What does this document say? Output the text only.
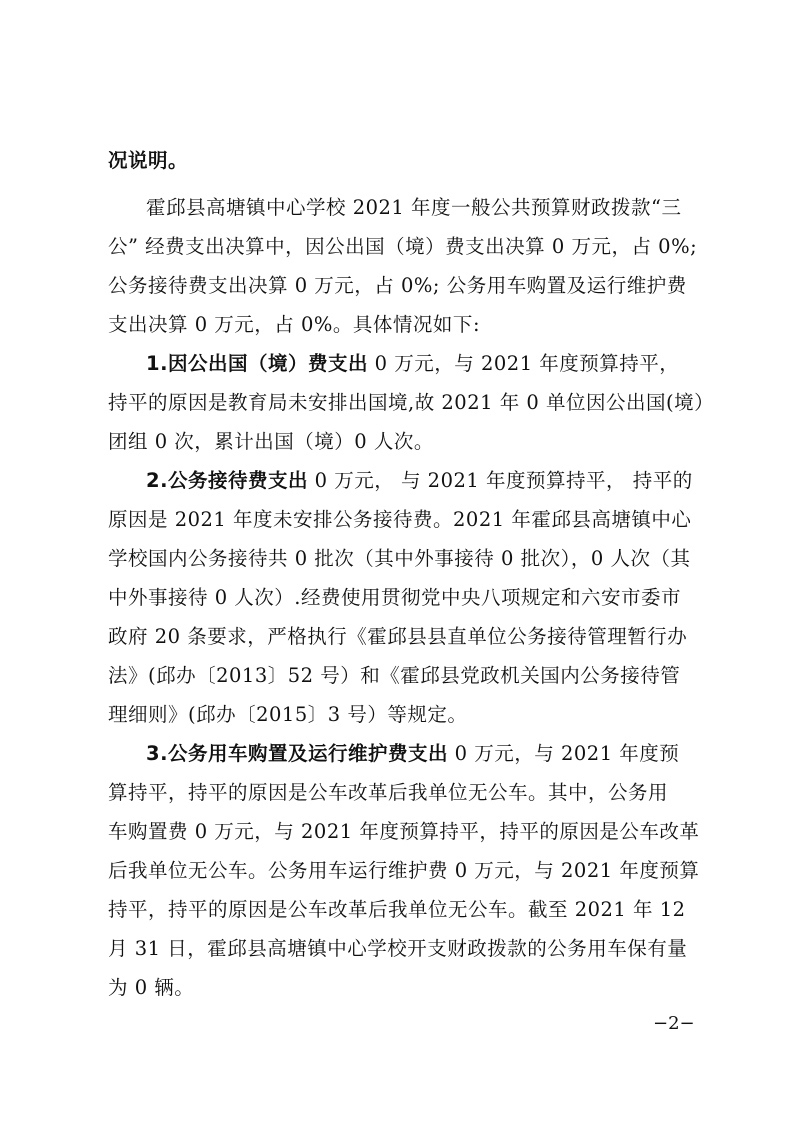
况说明。
霍邱县高塘镇中心学校 2021 年度一般公共预算财政拨款“三
公” 经费支出决算中，因公出国（境）费支出决算 0 万元，占 0%;
公务接待费支出决算 0 万元，占 0%; 公务用车购置及运行维护费
支出决算 0 万元，占 0%。具体情况如下:
1.因公出国（境）费支出 0 万元，与 2021 年度预算持平，
持平的原因是教育局未安排出国境,故 2021 年 0 单位因公出国(境）
团组 0 次，累计出国（境）0 人次。
2.公务接待费支出 0 万元， 与 2021 年度预算持平， 持平的
原因是 2021 年度未安排公务接待费。2021 年霍邱县高塘镇中心
学校国内公务接待共 0 批次（其中外事接待 0 批次），0 人次（其
中外事接待 0 人次）.经费使用贯彻党中央八项规定和六安市委市
政府 20 条要求，严格执行《霍邱县县直单位公务接待管理暂行办
法》(邱办〔2013〕52 号）和《霍邱县党政机关国内公务接待管
理细则》(邱办〔2015〕3 号）等规定。
3.公务用车购置及运行维护费支出 0 万元，与 2021 年度预
算持平，持平的原因是公车改革后我单位无公车。其中，公务用
车购置费 0 万元，与 2021 年度预算持平，持平的原因是公车改革
后我单位无公车。公务用车运行维护费 0 万元，与 2021 年度预算
持平，持平的原因是公车改革后我单位无公车。截至 2021 年 12
月 31 日，霍邱县高塘镇中心学校开支财政拨款的公务用车保有量
为 0 辆。
−2−
